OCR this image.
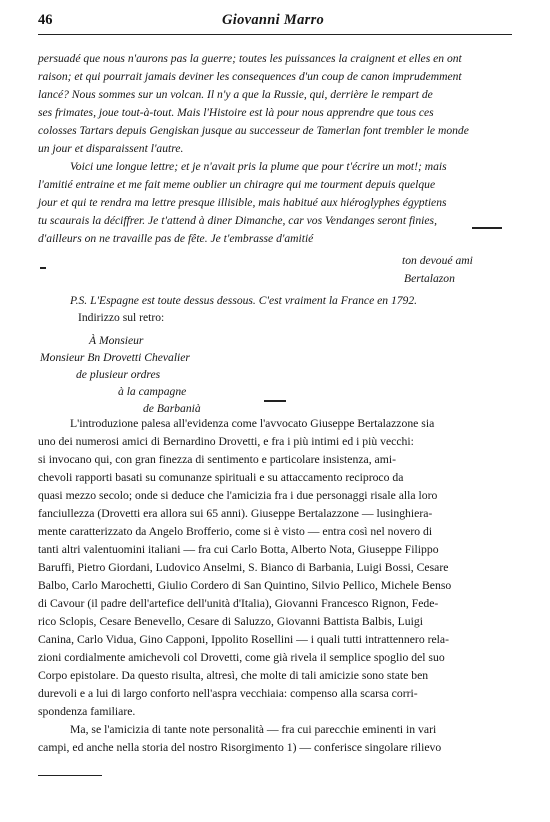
46	Giovanni Marro
persuadé que nous n'aurons pas la guerre; toutes les puissances la craignent et elles en ont
raison; et qui pourrait jamais deviner les consequences d'un coup de canon imprudemment
lancé? Nous sommes sur un volcan. Il n'y a que la Russie, qui, derrière le rempart de
ses frimates, joue tout-à-tout. Mais l'Histoire est là pour nous apprendre que tous ces
colosses Tartars depuis Gengiskan jusque au successeur de Tamerlan font trembler le monde
un jour et disparaissent l'autre.
Voici une longue lettre; et je n'avait pris la plume que pour t'écrire un mot!; mais
l'amitié entraine et me fait meme oublier un chiragre qui me tourment depuis quelque
jour et qui te rendra ma lettre presque illisible, mais habitué aux hiéroglyphes égyptiens
tu scaurais la déciffrer. Je t'attend à diner Dimanche, car vos Vendanges seront finies,
d'ailleurs on ne travaille pas de fête. Je t'embrasse d'amitié
ton devoué ami
Bertalazon
P.S. L'Espagne est toute dessus dessous. C'est vraiment la France en 1792.
Indirizzo sul retro:
À Monsieur
Monsieur Bn Drovetti Chevalier
de plusieur ordres
à la campagne
de Barbanià
L'introduzione palesa all'evidenza come l'avvocato Giuseppe Bertalazzone sia
uno dei numerosi amici di Bernardino Drovetti, e fra i più intimi ed i più vecchi:
si invocano qui, con gran finezza di sentimento e particolare insistenza, ami-
chevoli rapporti basati su comunanze spirituali e su attaccamento reciproco da
quasi mezzo secolo; onde si deduce che l'amicizia fra i due personaggi risale alla loro
fanciullezza (Drovetti era allora sui 65 anni). Giuseppe Bertalazzone — lusinghiera-
mente caratterizzato da Angelo Brofferio, come si è visto — entra così nel novero di
tanti altri valentuomini italiani — fra cui Carlo Botta, Alberto Nota, Giuseppe Filippo
Baruffi, Pietro Giordani, Ludovico Anselmi, S. Bianco di Barbania, Luigi Bossi, Cesare
Balbo, Carlo Marochetti, Giulio Cordero di San Quintino, Silvio Pellico, Michele Benso
di Cavour (il padre dell'artefice dell'unità d'Italia), Giovanni Francesco Rignon, Fede-
rico Sclopis, Cesare Benevello, Cesare di Saluzzo, Giovanni Battista Balbis, Luigi
Canina, Carlo Vidua, Gino Capponi, Ippolito Rosellini — i quali tutti intrattennero rela-
zioni cordialmente amichevoli col Drovetti, come già rivela il semplice spoglio del suo
Corpo epistolare. Da questo risulta, altresì, che molte di tali amicizie sono state ben
durevoli e a lui di largo conforto nell'aspra vecchiaia: compenso alla scarsa corri-
spondenza familiare.
Ma, se l'amicizia di tante note personalità — fra cui parecchie eminenti in vari
campi, ed anche nella storia del nostro Risorgimento 1) — conferisce singolare rilievo
